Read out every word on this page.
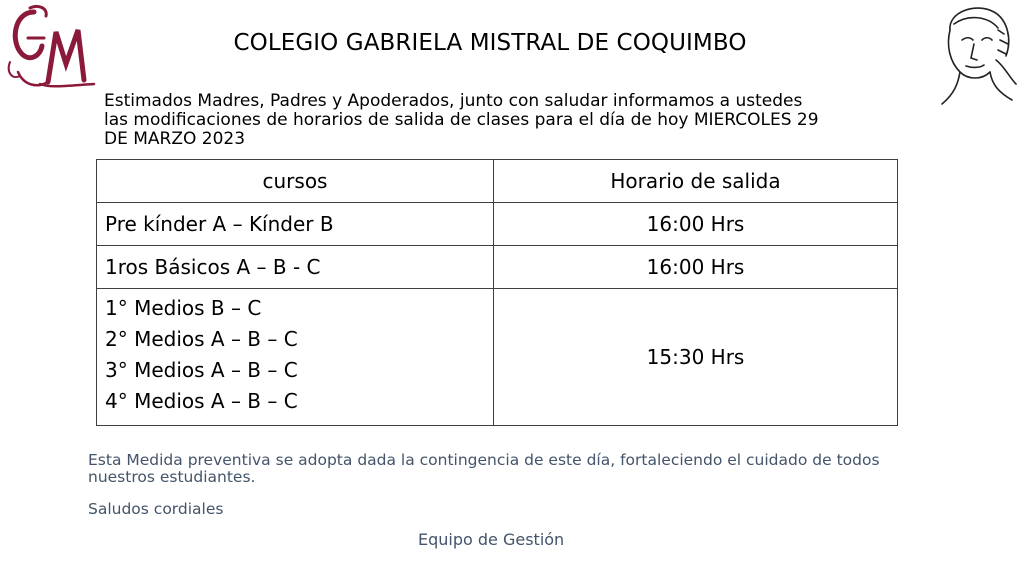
COLEGIO GABRIELA MISTRAL DE COQUIMBO
Estimados Madres, Padres y Apoderados, junto con saludar informamos a ustedes
las modificaciones de horarios de salida de clases para el día de hoy MIERCOLES 29
DE MARZO 2023
cursos	Horario de salida
Pre kínder A – Kínder B	16:00 Hrs
1ros Básicos A – B - C	16:00 Hrs

1° Medios B – C
2° Medios A – B – C
3° Medios A – B – C
4° Medios A – B – C	15:30 Hrs
Esta Medida preventiva se adopta dada la contingencia de este día, fortaleciendo el cuidado de todos nuestros estudiantes.
Saludos cordiales
Equipo de Gestión
